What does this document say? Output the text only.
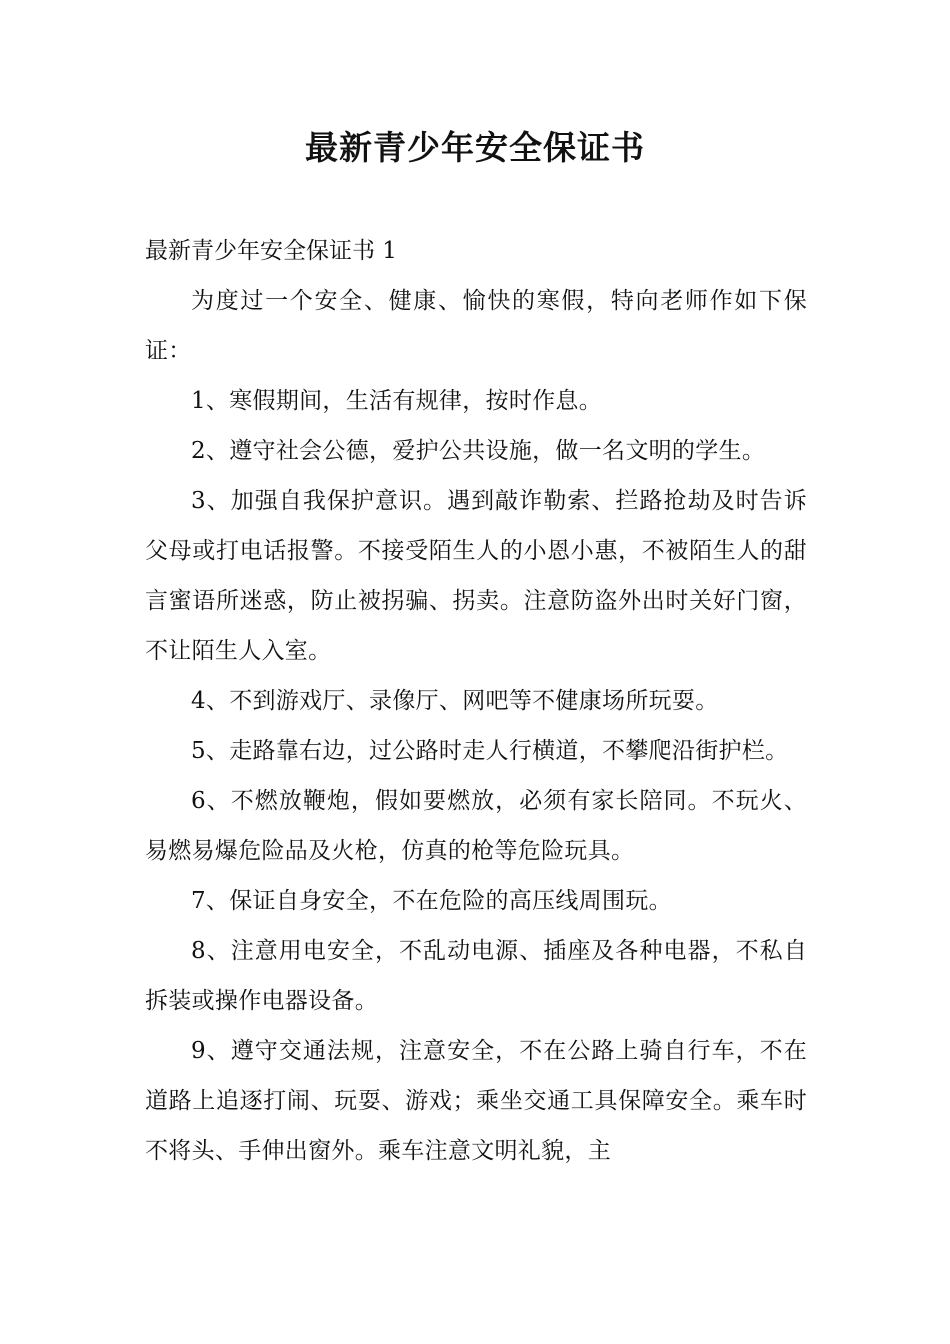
最新青少年安全保证书

最新青少年安全保证书 1

为度过一个安全、健康、愉快的寒假，特向老师作如下保证：

1、寒假期间，生活有规律，按时作息。

2、遵守社会公德，爱护公共设施，做一名文明的学生。

3、加强自我保护意识。遇到敲诈勒索、拦路抢劫及时告诉父母或打电话报警。不接受陌生人的小恩小惠，不被陌生人的甜言蜜语所迷惑，防止被拐骗、拐卖。注意防盗外出时关好门窗，不让陌生人入室。

4、不到游戏厅、录像厅、网吧等不健康场所玩耍。

5、走路靠右边，过公路时走人行横道，不攀爬沿街护栏。

6、不燃放鞭炮，假如要燃放，必须有家长陪同。不玩火、易燃易爆危险品及火枪，仿真的枪等危险玩具。

7、保证自身安全，不在危险的高压线周围玩。

8、注意用电安全，不乱动电源、插座及各种电器，不私自拆装或操作电器设备。

9、遵守交通法规，注意安全，不在公路上骑自行车，不在道路上追逐打闹、玩耍、游戏；乘坐交通工具保障安全。乘车时不将头、手伸出窗外。乘车注意文明礼貌，主
